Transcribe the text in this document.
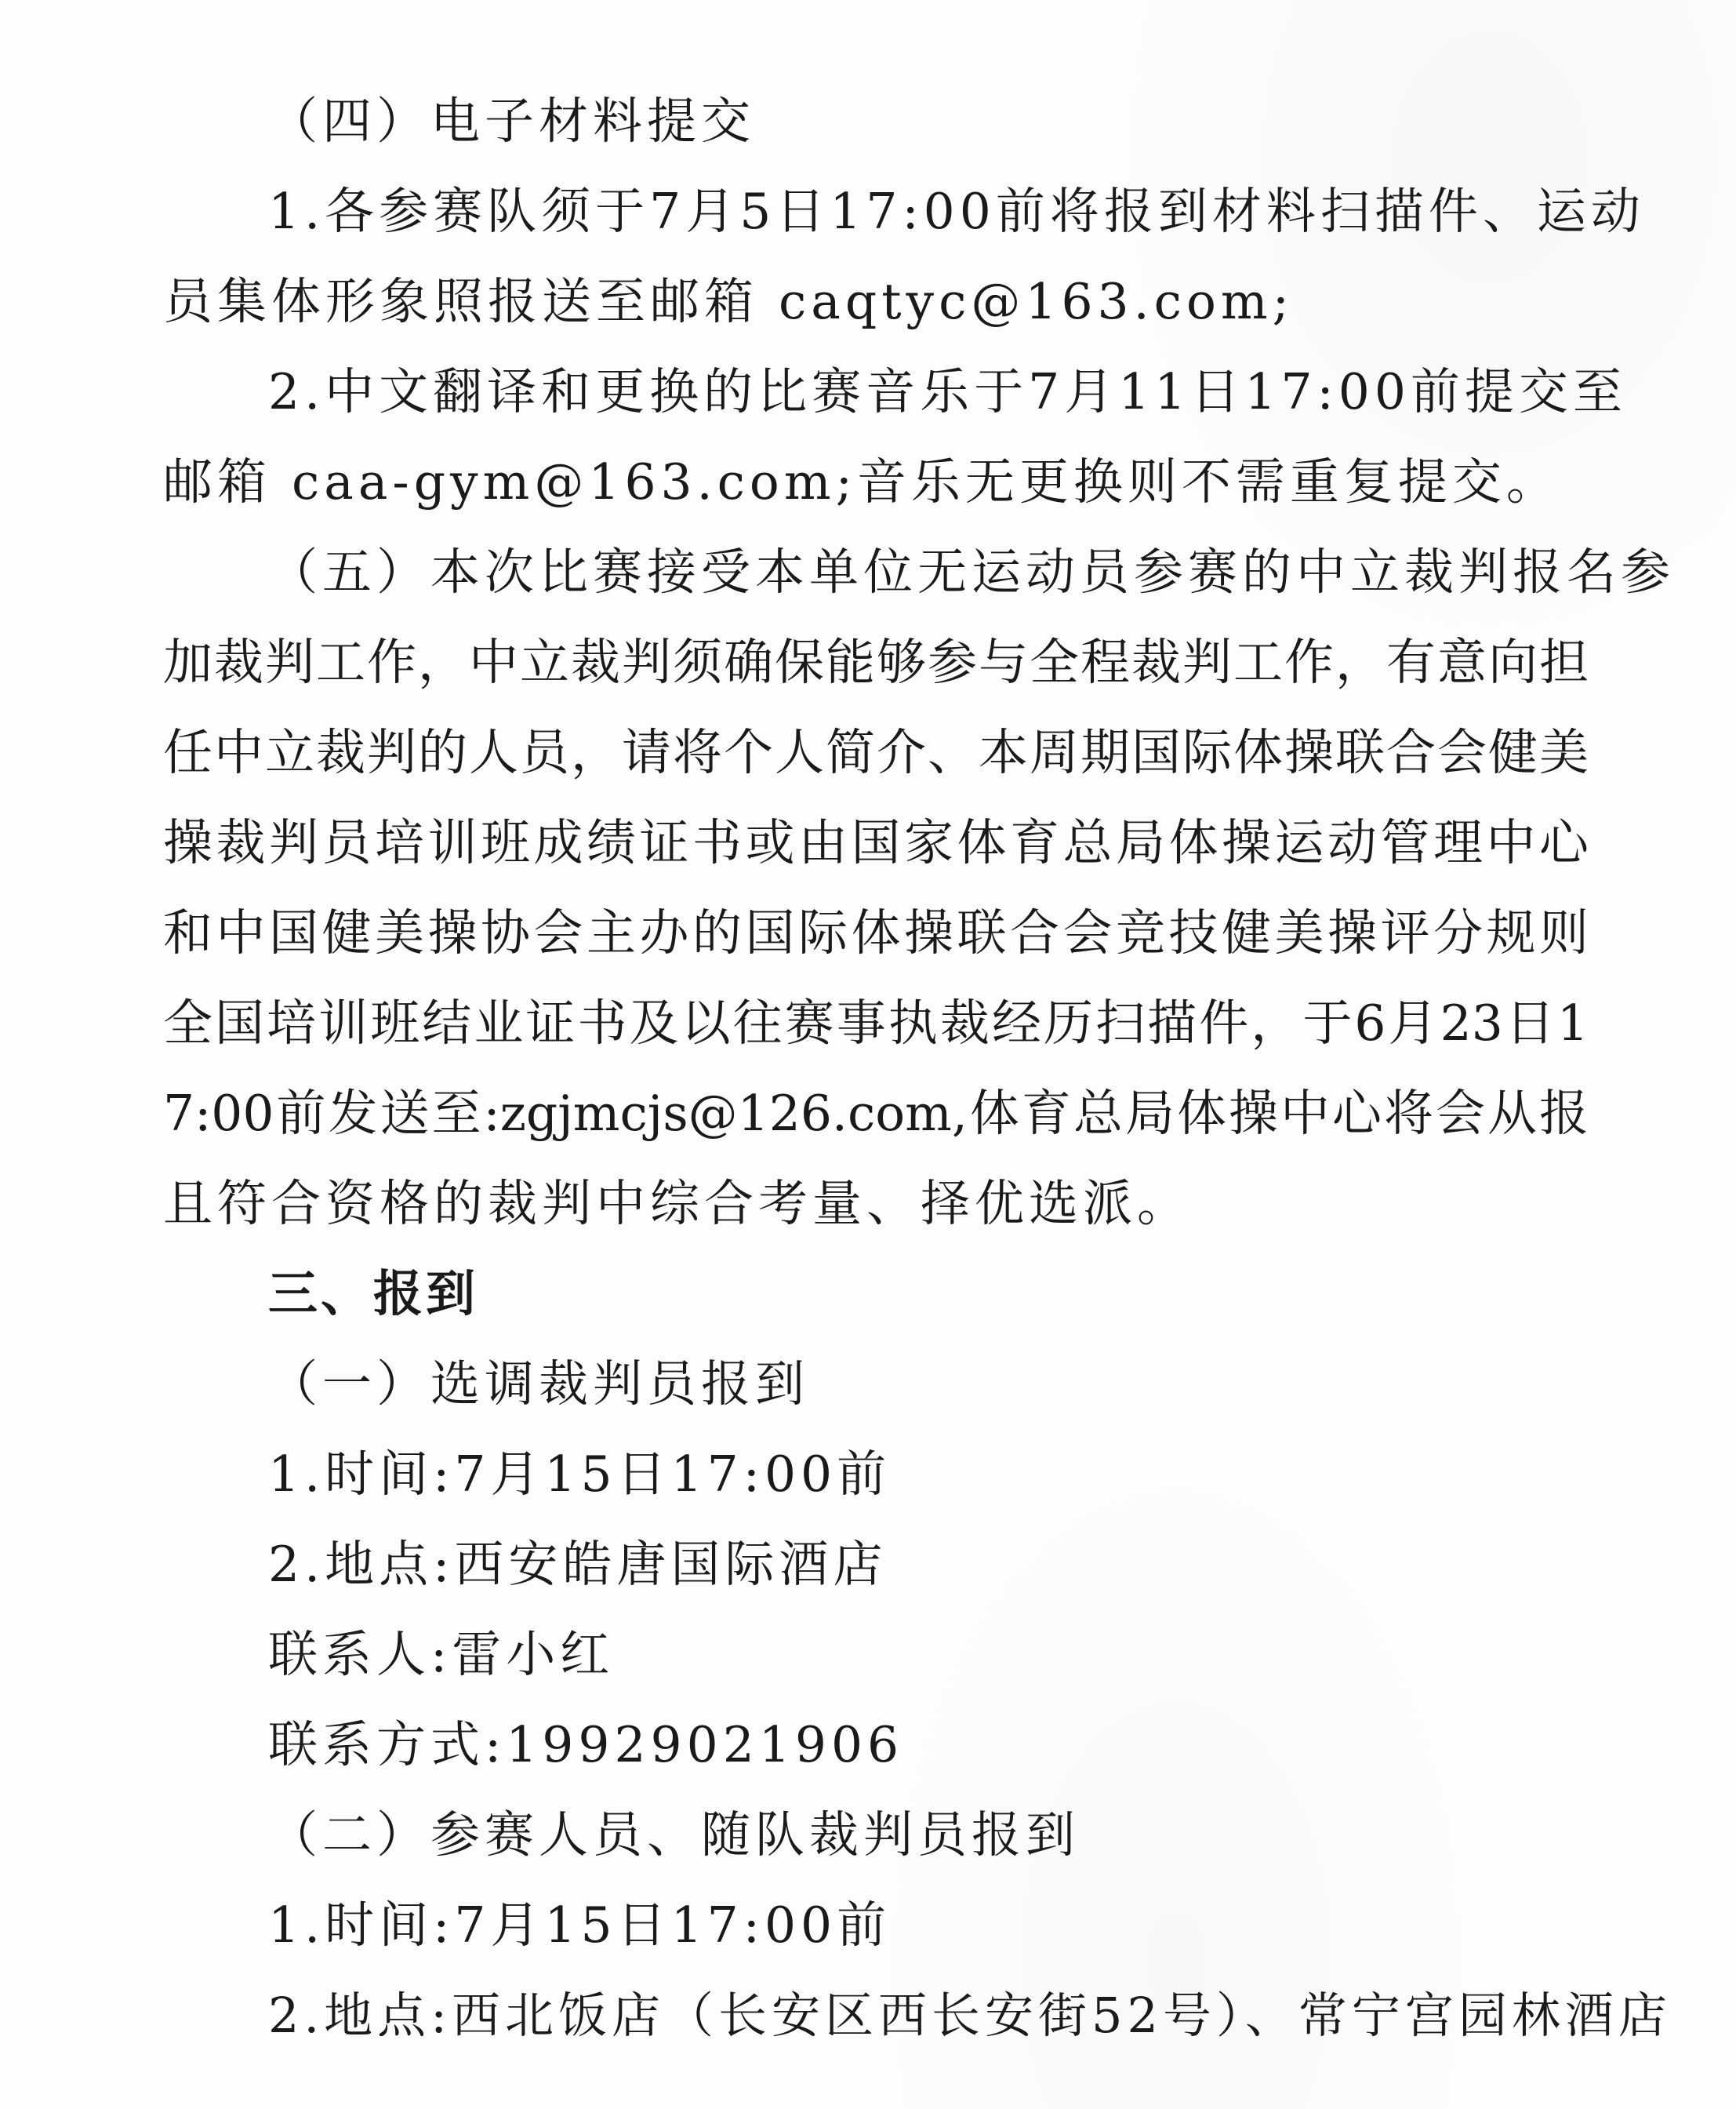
（四）电子材料提交
1.各参赛队须于7月5日17:00前将报到材料扫描件、运动
员集体形象照报送至邮箱 caqtyc@163.com;
2.中文翻译和更换的比赛音乐于7月11日17:00前提交至
邮箱 caa-gym@163.com;音乐无更换则不需重复提交。
（五）本次比赛接受本单位无运动员参赛的中立裁判报名参
加裁判工作，中立裁判须确保能够参与全程裁判工作，有意向担
任中立裁判的人员，请将个人简介、本周期国际体操联合会健美
操裁判员培训班成绩证书或由国家体育总局体操运动管理中心
和中国健美操协会主办的国际体操联合会竞技健美操评分规则
全国培训班结业证书及以往赛事执裁经历扫描件，于6月23日1
7:00前发送至:zgjmcjs@126.com,体育总局体操中心将会从报
且符合资格的裁判中综合考量、择优选派。
三、报到
（一）选调裁判员报到
1.时间:7月15日17:00前
2.地点:西安皓唐国际酒店
联系人:雷小红
联系方式:19929021906
（二）参赛人员、随队裁判员报到
1.时间:7月15日17:00前
2.地点:西北饭店（长安区西长安街52号）、常宁宫园林酒店
